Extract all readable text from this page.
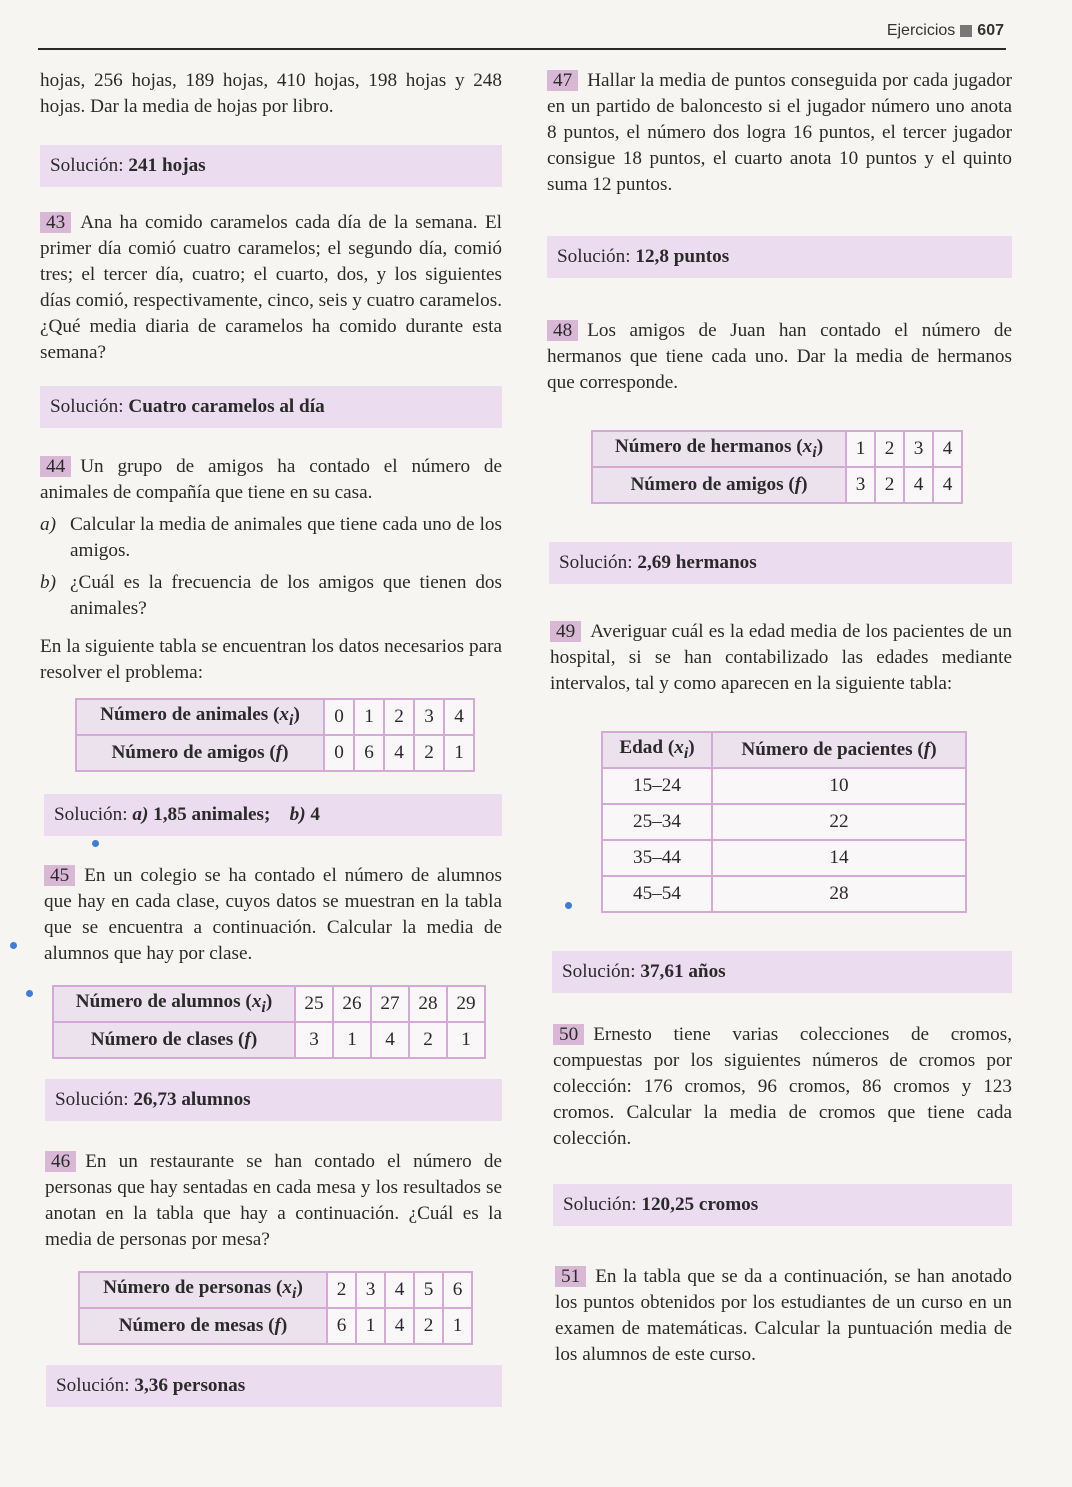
Ejercicios 607

hojas, 256 hojas, 189 hojas, 410 hojas, 198 hojas y 248 hojas. Dar la media de hojas por libro.

Solución: 241 hojas

43 Ana ha comido caramelos cada día de la semana. El primer día comió cuatro caramelos; el segundo día, comió tres; el tercer día, cuatro; el cuarto, dos, y los siguientes días comió, respectivamente, cinco, seis y cuatro caramelos. ¿Qué media diaria de caramelos ha comido durante esta semana?

Solución: Cuatro caramelos al día

44 Un grupo de amigos ha contado el número de animales de compañía que tiene en su casa.

a) Calcular la media de animales que tiene cada uno de los amigos.

b) ¿Cuál es la frecuencia de los amigos que tienen dos animales?

En la siguiente tabla se encuentran los datos necesarios para resolver el problema:

Número de animales $(x_i)$	0	1	2	3	4
Número de amigos (f)	0	6	4	2	1
Solución: a) 1,85 animales; b) 4

45 En un colegio se ha contado el número de alumnos que hay en cada clase, cuyos datos se muestran en la tabla que se encuentra a continuación. Calcular la media de alumnos que hay por clase.

Número de alumnos $(x_i)$	25	26	27	28	29
Número de clases (f)	3	1	4	2	1
Solución: 26,73 alumnos

46 En un restaurante se han contado el número de personas que hay sentadas en cada mesa y los resultados se anotan en la tabla que hay a continuación. ¿Cuál es la media de personas por mesa?

Número de personas $(x_i)$	2	3	4	5	6
Número de mesas (f)	6	1	4	2	1
Solución: 3,36 personas

47 Hallar la media de puntos conseguida por cada jugador en un partido de baloncesto si el jugador número uno anota 8 puntos, el número dos logra 16 puntos, el tercer jugador consigue 18 puntos, el cuarto anota 10 puntos y el quinto suma 12 puntos.

Solución: 12,8 puntos

48 Los amigos de Juan han contado el número de hermanos que tiene cada uno. Dar la media de hermanos que corresponde.

Número de hermanos $(x_i)$	1	2	3	4
Número de amigos (f)	3	2	4	4
Solución: 2,69 hermanos

49 Averiguar cuál es la edad media de los pacientes de un hospital, si se han contabilizado las edades mediante intervalos, tal y como aparecen en la siguiente tabla:

Edad $(x_i)$	Número de pacientes (f)
15–24	10
25–34	22
35–44	14
45–54	28
Solución: 37,61 años

50 Ernesto tiene varias colecciones de cromos, compuestas por los siguientes números de cromos por colección: 176 cromos, 96 cromos, 86 cromos y 123 cromos. Calcular la media de cromos que tiene cada colección.

Solución: 120,25 cromos

51 En la tabla que se da a continuación, se han anotado los puntos obtenidos por los estudiantes de un curso en un examen de matemáticas. Calcular la puntuación media de los alumnos de este curso.
